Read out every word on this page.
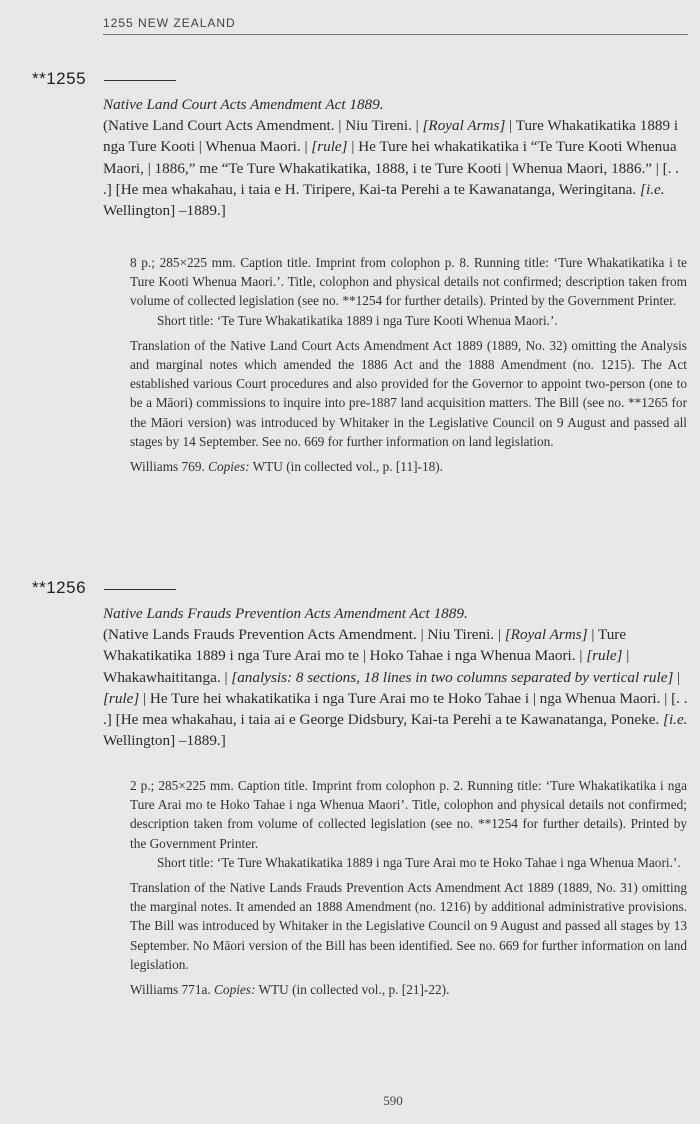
1255 NEW ZEALAND
**1255

Native Land Court Acts Amendment Act 1889.

(Native Land Court Acts Amendment. | Niu Tireni. | [Royal Arms] | Ture Whakatikatika 1889 i nga Ture Kooti | Whenua Maori. | [rule] | He Ture hei whakatikatika i “Te Ture Kooti Whenua Maori, | 1886,” me “Te Ture Whakatikatika, 1888, i te Ture Kooti | Whenua Maori, 1886.” | [. . .] [He mea whakahau, i taia e H. Tiripere, Kai-ta Perehi a te Kawanatanga, Weringitana. [i.e. Wellington] –1889.]

8 p.; 285×225 mm. Caption title. Imprint from colophon p. 8. Running title: ‘Ture Whakatikatika i te Ture Kooti Whenua Maori.’. Title, colophon and physical details not confirmed; description taken from volume of collected legislation (see no. **1254 for further details). Printed by the Government Printer.

Short title: ‘Te Ture Whakatikatika 1889 i nga Ture Kooti Whenua Maori.’.

Translation of the Native Land Court Acts Amendment Act 1889 (1889, No. 32) omitting the Analysis and marginal notes which amended the 1886 Act and the 1888 Amendment (no. 1215). The Act established various Court procedures and also provided for the Governor to appoint two-person (one to be a Māori) commissions to inquire into pre-1887 land acquisition matters. The Bill (see no. **1265 for the Māori version) was introduced by Whitaker in the Legislative Council on 9 August and passed all stages by 14 September. See no. 669 for further information on land legislation.

Williams 769. Copies: WTU (in collected vol., p. [11]-18).

**1256

Native Lands Frauds Prevention Acts Amendment Act 1889.

(Native Lands Frauds Prevention Acts Amendment. | Niu Tireni. | [Royal Arms] | Ture Whakatikatika 1889 i nga Ture Arai mo te | Hoko Tahae i nga Whenua Maori. | [rule] | Whakawhaititanga. | [analysis: 8 sections, 18 lines in two columns separated by vertical rule] | [rule] | He Ture hei whakatikatika i nga Ture Arai mo te Hoko Tahae i | nga Whenua Maori. | [. . .] [He mea whakahau, i taia ai e George Didsbury, Kai-ta Perehi a te Kawanatanga, Poneke. [i.e. Wellington] –1889.]

2 p.; 285×225 mm. Caption title. Imprint from colophon p. 2. Running title: ‘Ture Whakatikatika i nga Ture Arai mo te Hoko Tahae i nga Whenua Maori’. Title, colophon and physical details not confirmed; description taken from volume of collected legislation (see no. **1254 for further details). Printed by the Government Printer.

Short title: ‘Te Ture Whakatikatika 1889 i nga Ture Arai mo te Hoko Tahae i nga Whenua Maori.’.

Translation of the Native Lands Frauds Prevention Acts Amendment Act 1889 (1889, No. 31) omitting the marginal notes. It amended an 1888 Amendment (no. 1216) by additional administrative provisions. The Bill was introduced by Whitaker in the Legislative Council on 9 August and passed all stages by 13 September. No Māori version of the Bill has been identified. See no. 669 for further information on land legislation.

Williams 771a. Copies: WTU (in collected vol., p. [21]-22).

590
